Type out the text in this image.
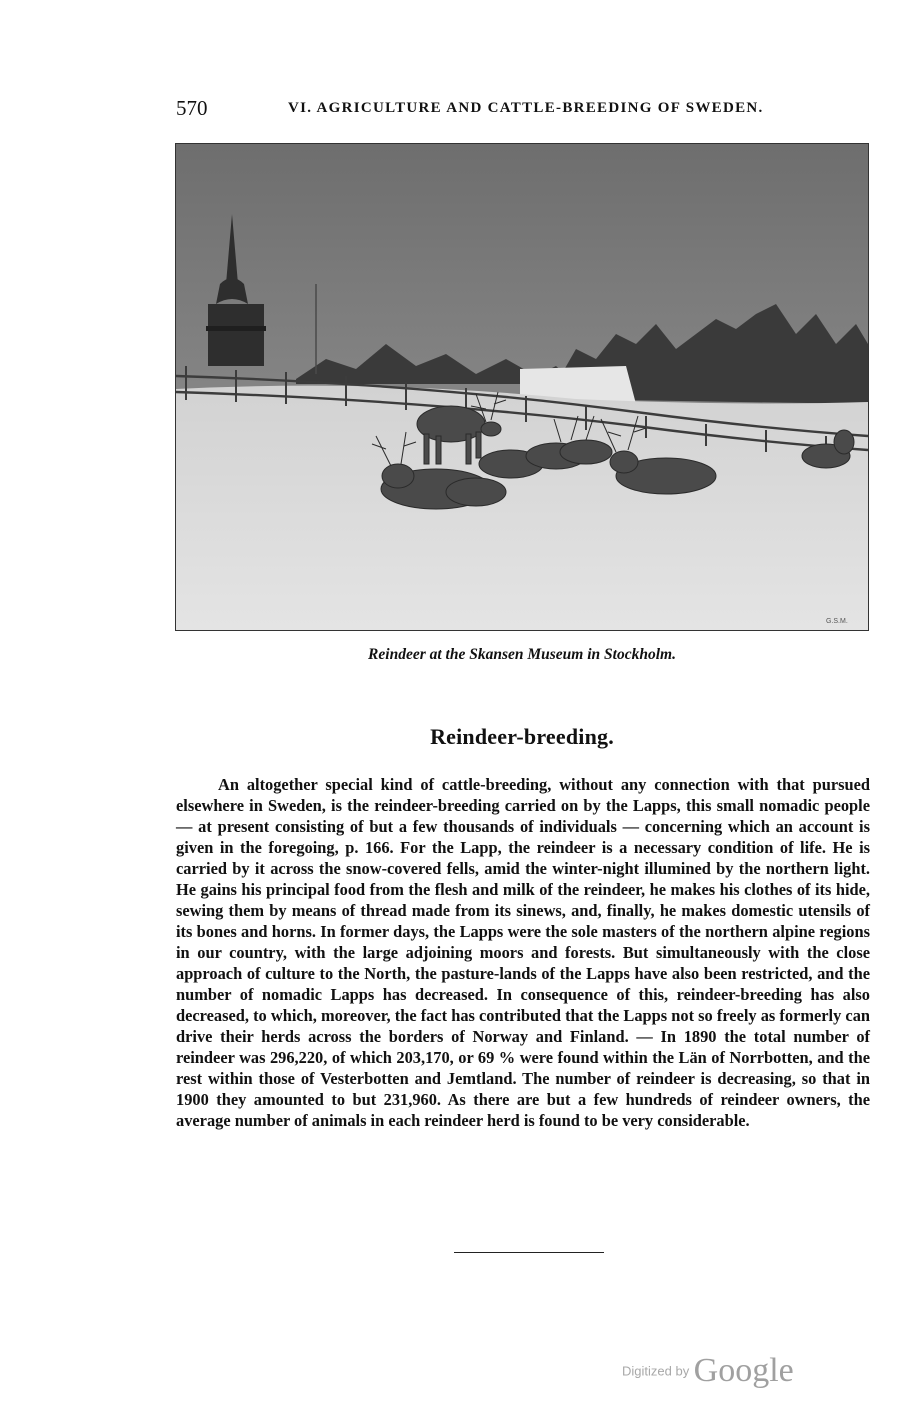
570	VI. AGRICULTURE AND CATTLE-BREEDING OF SWEDEN.
G.S.M.
Reindeer at the Skansen Museum in Stockholm.
Reindeer-breeding.

An altogether special kind of cattle-breeding, without any connection with that pursued elsewhere in Sweden, is the reindeer-breeding carried on by the Lapps, this small nomadic people — at present consisting of but a few thousands of individuals — concerning which an account is given in the foregoing, p. 166. For the Lapp, the reindeer is a necessary condition of life. He is carried by it across the snow-covered fells, amid the winter-night illumined by the northern light. He gains his principal food from the flesh and milk of the reindeer, he makes his clothes of its hide, sewing them by means of thread made from its sinews, and, finally, he makes domestic utensils of its bones and horns. In former days, the Lapps were the sole masters of the northern alpine regions in our country, with the large adjoining moors and forests. But simultaneously with the close approach of culture to the North, the pasture-lands of the Lapps have also been restricted, and the number of nomadic Lapps has decreased. In consequence of this, reindeer-breeding has also decreased, to which, moreover, the fact has contributed that the Lapps not so freely as formerly can drive their herds across the borders of Norway and Finland. — In 1890 the total number of reindeer was 296,220, of which 203,170, or 69 % were found within the Län of Norrbotten, and the rest within those of Vesterbotten and Jemtland. The number of reindeer is decreasing, so that in 1900 they amounted to but 231,960. As there are but a few hundreds of reindeer owners, the average number of animals in each reindeer herd is found to be very considerable.

Digitized by Google
